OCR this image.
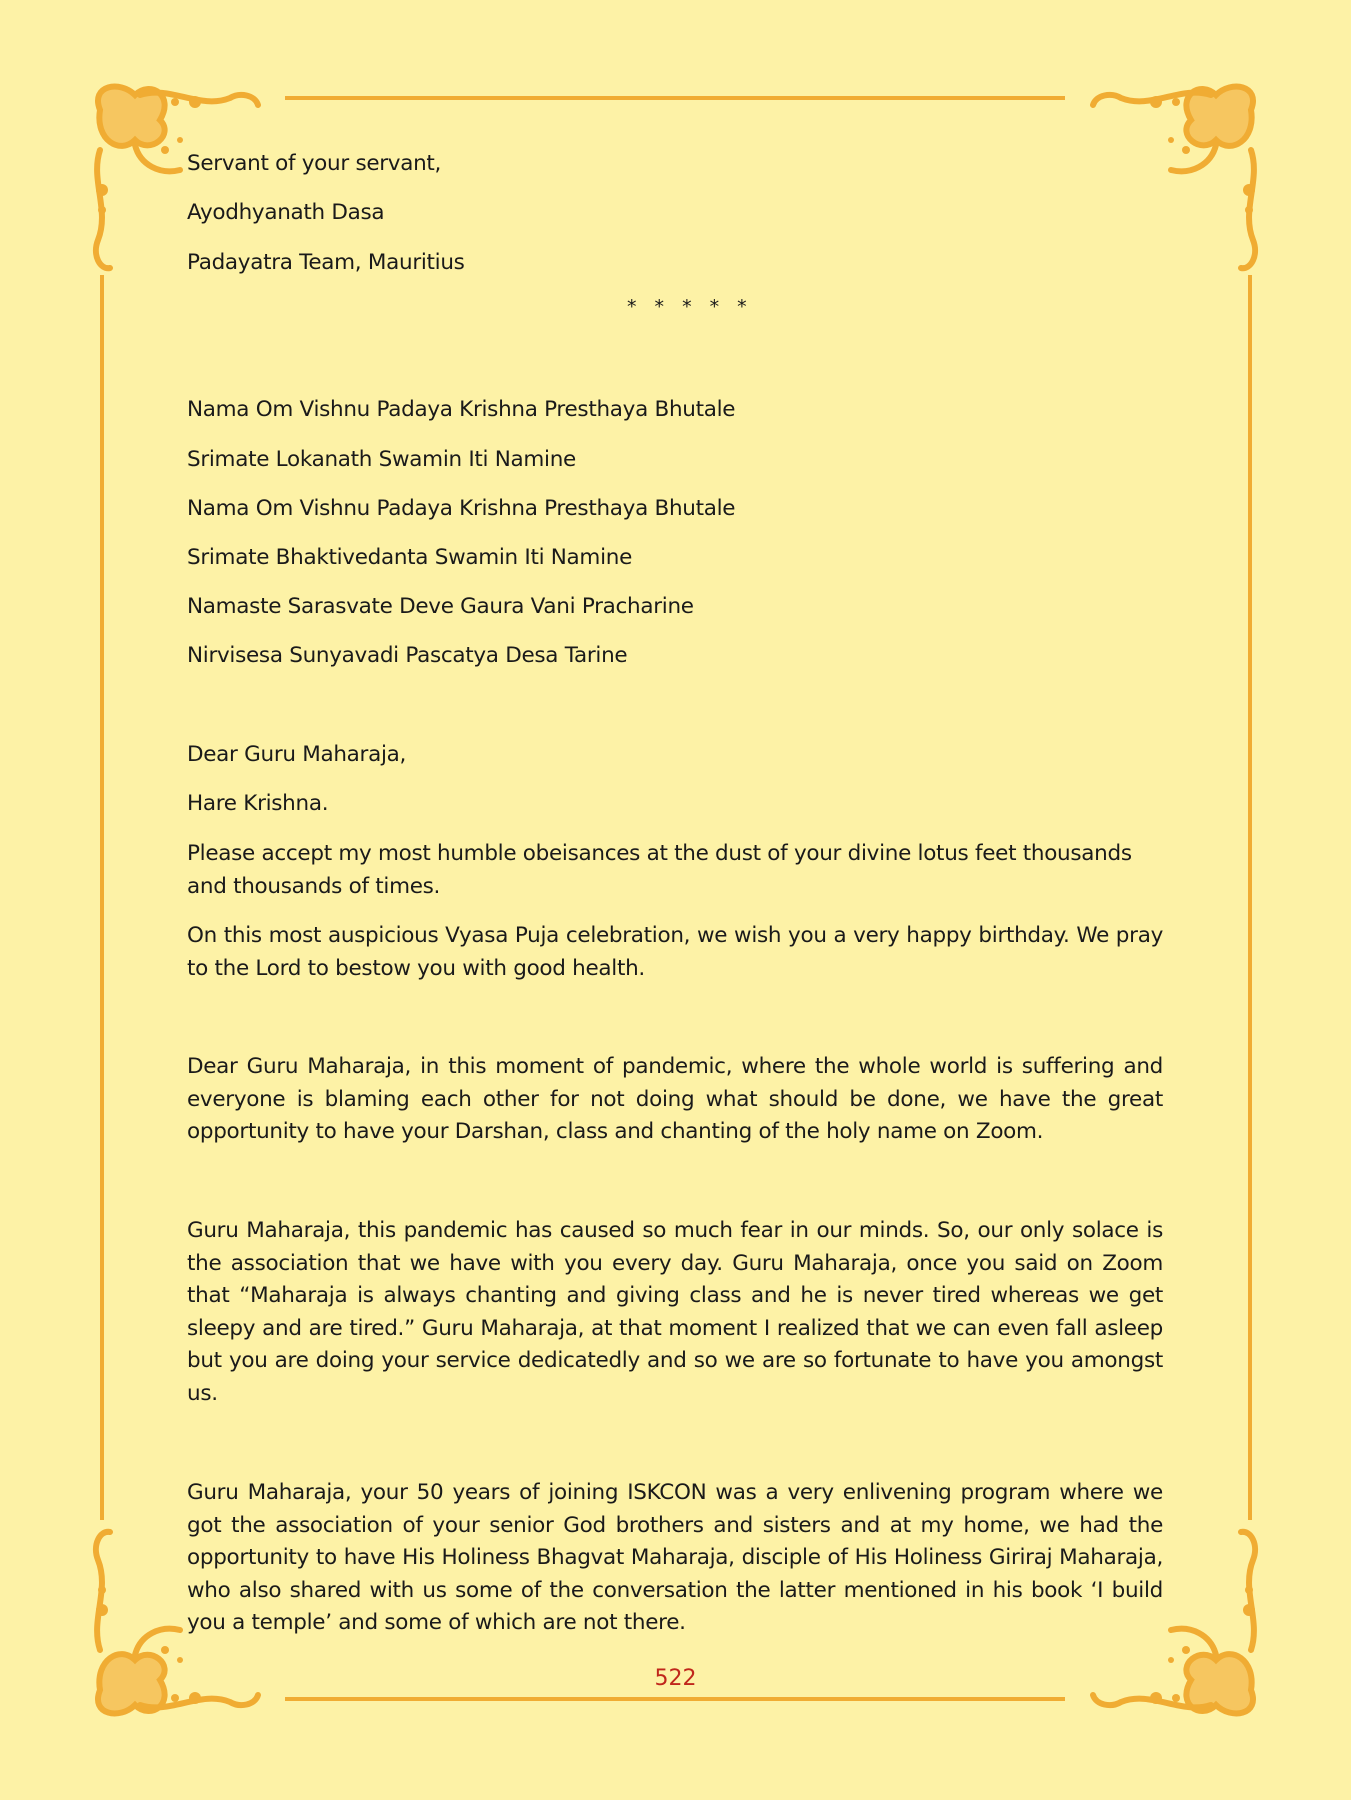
Servant of your servant,
Ayodhyanath Dasa
Padayatra Team, Mauritius
* * * * *
Nama Om Vishnu Padaya Krishna Presthaya Bhutale
Srimate Lokanath Swamin Iti Namine
Nama Om Vishnu Padaya Krishna Presthaya Bhutale
Srimate Bhaktivedanta Swamin Iti Namine
Namaste Sarasvate Deve Gaura Vani Pracharine
Nirvisesa Sunyavadi Pascatya Desa Tarine
Dear Guru Maharaja,
Hare Krishna.
Please accept my most humble obeisances at the dust of your divine lotus feet thousands and thousands of times.
On this most auspicious Vyasa Puja celebration, we wish you a very happy birthday. We pray to the Lord to bestow you with good health.
Dear Guru Maharaja, in this moment of pandemic, where the whole world is suffering and everyone is blaming each other for not doing what should be done, we have the great opportunity to have your Darshan, class and chanting of the holy name on Zoom.
Guru Maharaja, this pandemic has caused so much fear in our minds. So, our only solace is the association that we have with you every day. Guru Maharaja, once you said on Zoom that “Maharaja is always chanting and giving class and he is never tired whereas we get sleepy and are tired.” Guru Maharaja, at that moment I realized that we can even fall asleep but you are doing your service dedicatedly and so we are so fortunate to have you amongst us.
Guru Maharaja, your 50 years of joining ISKCON was a very enlivening program where we got the association of your senior God brothers and sisters and at my home, we had the opportunity to have His Holiness Bhagvat Maharaja, disciple of His Holiness Giriraj Maharaja, who also shared with us some of the conversation the latter mentioned in his book ‘I build you a temple’ and some of which are not there.
522
